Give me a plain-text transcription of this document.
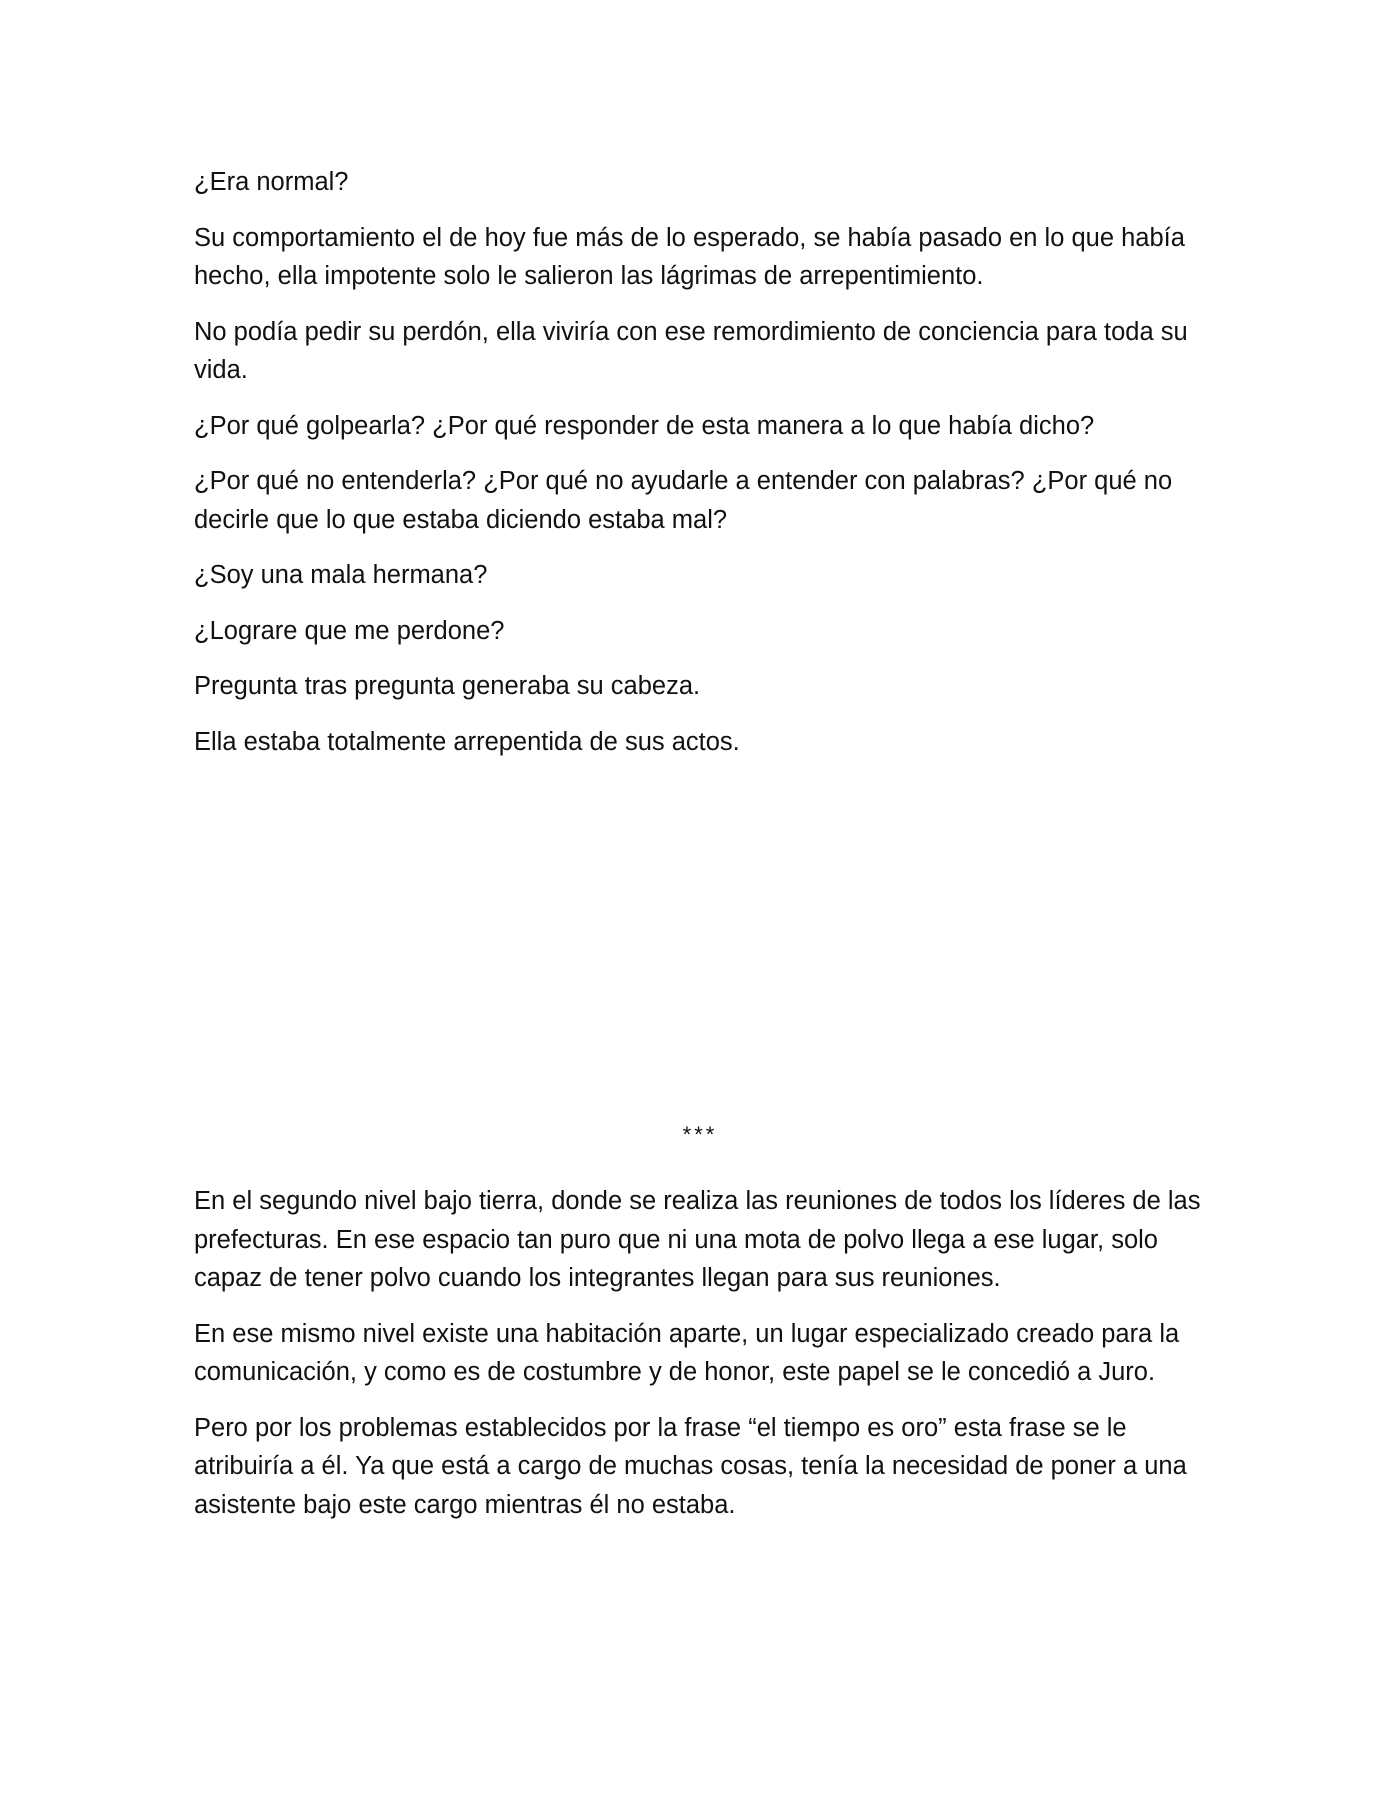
¿Era normal?

Su comportamiento el de hoy fue más de lo esperado, se había pasado en lo que había hecho, ella impotente solo le salieron las lágrimas de arrepentimiento.

No podía pedir su perdón, ella viviría con ese remordimiento de conciencia para toda su vida.

¿Por qué golpearla? ¿Por qué responder de esta manera a lo que había dicho?

¿Por qué no entenderla? ¿Por qué no ayudarle a entender con palabras? ¿Por qué no decirle que lo que estaba diciendo estaba mal?

¿Soy una mala hermana?

¿Lograre que me perdone?

Pregunta tras pregunta generaba su cabeza.

Ella estaba totalmente arrepentida de sus actos.

***

En el segundo nivel bajo tierra, donde se realiza las reuniones de todos los líderes de las prefecturas. En ese espacio tan puro que ni una mota de polvo llega a ese lugar, solo capaz de tener polvo cuando los integrantes llegan para sus reuniones.

En ese mismo nivel existe una habitación aparte, un lugar especializado creado para la comunicación, y como es de costumbre y de honor, este papel se le concedió a Juro.

Pero por los problemas establecidos por la frase “el tiempo es oro” esta frase se le atribuiría a él. Ya que está a cargo de muchas cosas, tenía la necesidad de poner a una asistente bajo este cargo mientras él no estaba.
